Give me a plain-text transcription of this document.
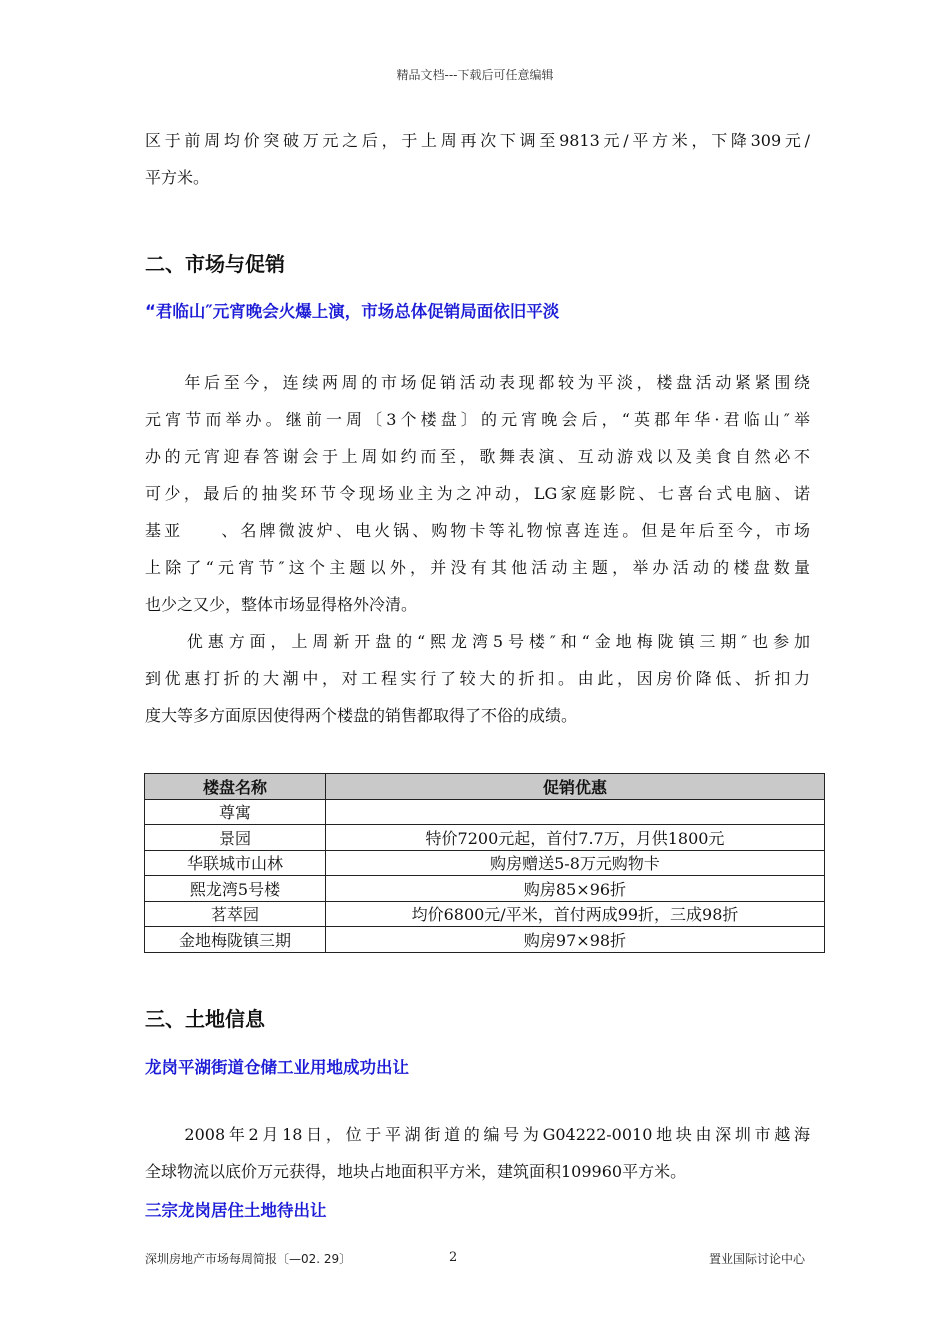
精品文档---下载后可任意编辑
区于前周均价突破万元之后，于上周再次下调至9813元/平方米，下降309元/
平方米。
二、市场与促销
“君临山″元宵晚会火爆上演，市场总体促销局面依旧平淡
　　年后至今，连续两周的市场促销活动表现都较为平淡，楼盘活动紧紧围绕
元宵节而举办。继前一周〔3个楼盘〕的元宵晚会后，“英郡年华·君临山″举
办的元宵迎春答谢会于上周如约而至，歌舞表演、互动游戏以及美食自然必不
可少，最后的抽奖环节令现场业主为之冲动，LG家庭影院、七喜台式电脑、诺
基亚　　、名牌微波炉、电火锅、购物卡等礼物惊喜连连。但是年后至今，市场
上除了“元宵节″这个主题以外，并没有其他活动主题，举办活动的楼盘数量
也少之又少，整体市场显得格外冷清。
　　优惠方面，上周新开盘的“熙龙湾5号楼″和“金地梅陇镇三期″也参加
到优惠打折的大潮中，对工程实行了较大的折扣。由此，因房价降低、折扣力
度大等多方面原因使得两个楼盘的销售都取得了不俗的成绩。
楼盘名称	促销优惠
尊寓	
景园	特价7200元起，首付7.7万，月供1800元
华联城市山林	购房赠送5-8万元购物卡
熙龙湾5号楼	购房85×96折
茗萃园	均价6800元/平米，首付两成99折，三成98折
金地梅陇镇三期	购房97×98折
三、土地信息
龙岗平湖街道仓储工业用地成功出让
　　2008年2月18日，位于平湖街道的编号为G04222-0010地块由深圳市越海
全球物流以底价万元获得，地块占地面积平方米，建筑面积109960平方米。
三宗龙岗居住土地待出让
深圳房地产市场每周简报〔—02. 29〕	2	置业国际讨论中心
